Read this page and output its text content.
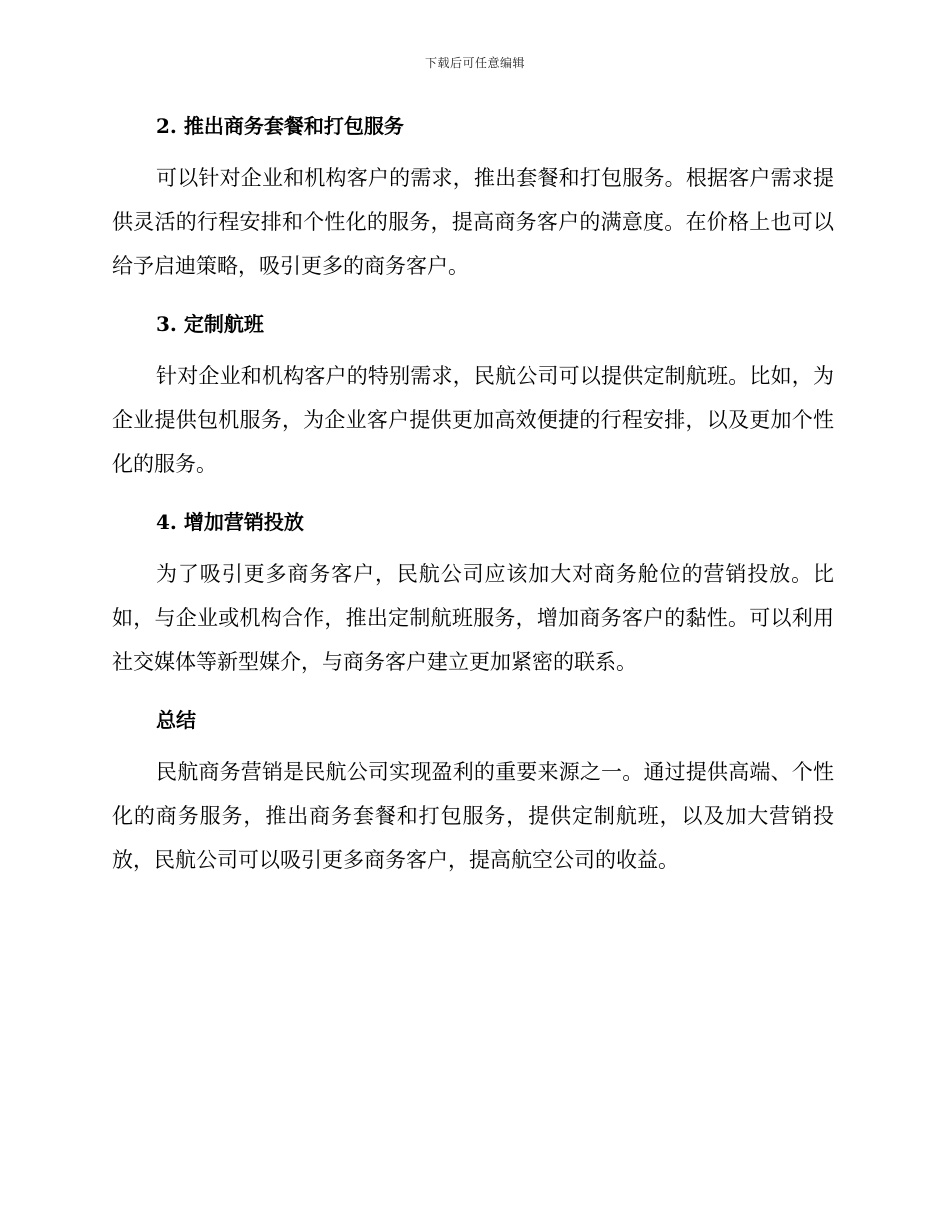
下载后可任意编辑
2. 推出商务套餐和打包服务

可以针对企业和机构客户的需求，推出套餐和打包服务。根据客户需求提供灵活的行程安排和个性化的服务，提高商务客户的满意度。在价格上也可以给予启迪策略，吸引更多的商务客户。

3. 定制航班

针对企业和机构客户的特别需求，民航公司可以提供定制航班。比如，为企业提供包机服务，为企业客户提供更加高效便捷的行程安排，以及更加个性化的服务。

4. 增加营销投放

为了吸引更多商务客户，民航公司应该加大对商务舱位的营销投放。比如，与企业或机构合作，推出定制航班服务，增加商务客户的黏性。可以利用社交媒体等新型媒介，与商务客户建立更加紧密的联系。

总结

民航商务营销是民航公司实现盈利的重要来源之一。通过提供高端、个性化的商务服务，推出商务套餐和打包服务，提供定制航班，以及加大营销投放，民航公司可以吸引更多商务客户，提高航空公司的收益。
